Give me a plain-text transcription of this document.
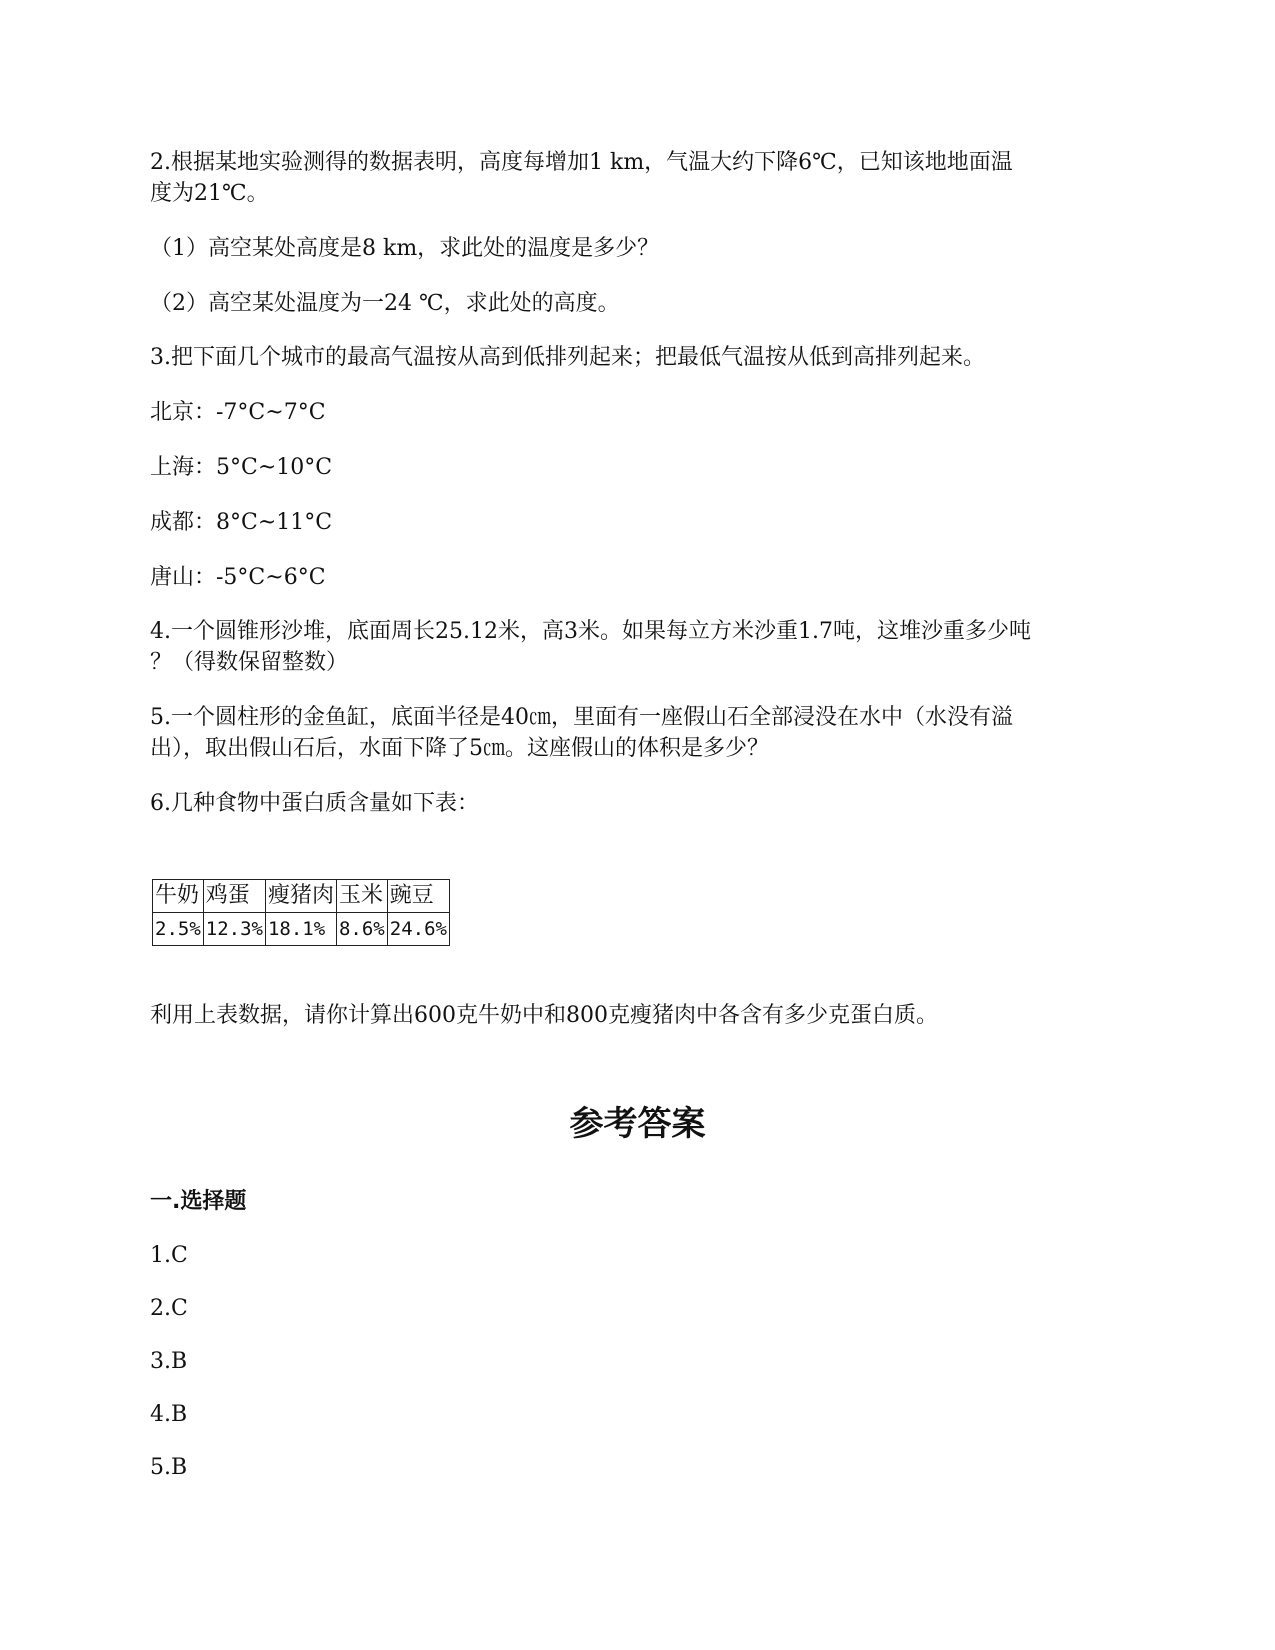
2.根据某地实验测得的数据表明，高度每增加1 km，气温大约下降6℃，已知该地地面温
度为21℃。
（1）高空某处高度是8 km，求此处的温度是多少？
（2）高空某处温度为一24 ℃，求此处的高度。
3.把下面几个城市的最高气温按从高到低排列起来；把最低气温按从低到高排列起来。
北京：-7°C~7°C
上海：5°C~10°C
成都：8°C~11°C
唐山：-5°C~6°C
4.一个圆锥形沙堆，底面周长25.12米，高3米。如果每立方米沙重1.7吨，这堆沙重多少吨
？（得数保留整数）
5.一个圆柱形的金鱼缸，底面半径是40㎝，里面有一座假山石全部浸没在水中（水没有溢
出），取出假山石后，水面下降了5㎝。这座假山的体积是多少？
6.几种食物中蛋白质含量如下表：
牛奶	鸡蛋	瘦猪肉	玉米	豌豆
2.5%	12.3%	18.1%	8.6%	24.6%
利用上表数据，请你计算出600克牛奶中和800克瘦猪肉中各含有多少克蛋白质。
参考答案
一.选择题
1.C
2.C
3.B
4.B
5.B
